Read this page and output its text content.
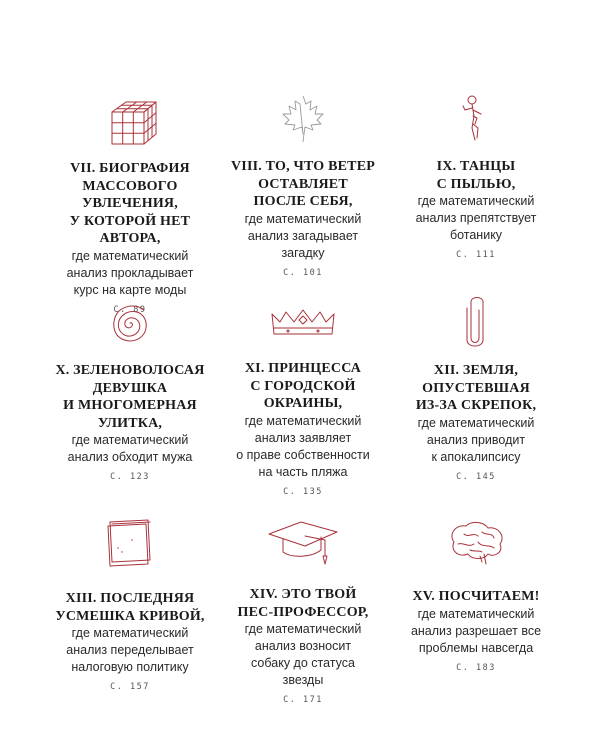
VII. БИОГРАФИЯ
МАССОВОГО
УВЛЕЧЕНИЯ,
У КОТОРОЙ НЕТ АВТОРА,
где математический
анализ прокладывает
курс на карте моды
С. 89
VIII. ТО, ЧТО ВЕТЕР
ОСТАВЛЯЕТ
ПОСЛЕ СЕБЯ,
где математический
анализ загадывает
загадку
С. 101
IX. ТАНЦЫ
С ПЫЛЬЮ,
где математический
анализ препятствует
ботанику
С. 111
X. ЗЕЛЕНОВОЛОСАЯ
ДЕВУШКА
И МНОГОМЕРНАЯ
УЛИТКА,
где математический
анализ обходит мужа
С. 123
XI. ПРИНЦЕССА
С ГОРОДСКОЙ
ОКРАИНЫ,
где математический
анализ заявляет
о праве собственности
на часть пляжа
С. 135
XII. ЗЕМЛЯ,
ОПУСТЕВШАЯ
ИЗ-ЗА СКРЕПОК,
где математический
анализ приводит
к апокалипсису
С. 145
XIII. ПОСЛЕДНЯЯ
УСМЕШКА КРИВОЙ,
где математический
анализ переделывает
налоговую политику
С. 157
XIV. ЭТО ТВОЙ
ПЕС-ПРОФЕССОР,
где математический
анализ возносит
собаку до статуса
звезды
С. 171
XV. ПОСЧИТАЕМ!
где математический
анализ разрешает все
проблемы навсегда
С. 183
